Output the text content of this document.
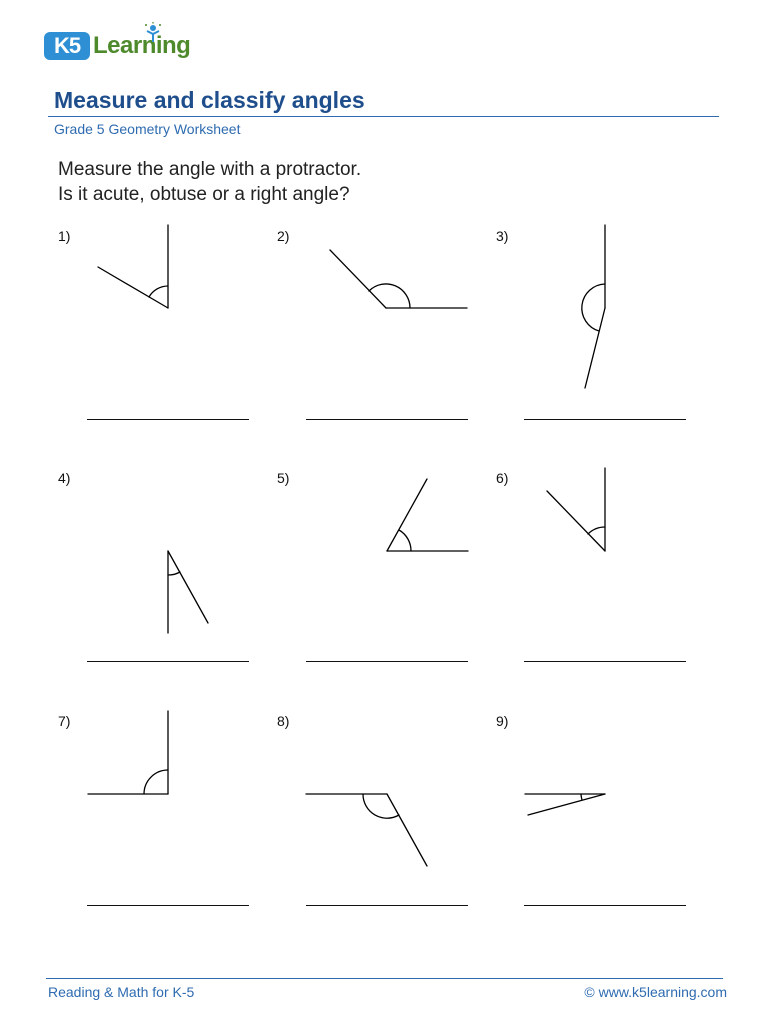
K5 Learning
Measure and classify angles
Grade 5 Geometry Worksheet
Measure the angle with a protractor.
Is it acute, obtuse or a right angle?
1)	2)	3)
4)	5)	6)
7)	8)	9)
Reading & Math for K-5	© www.k5learning.com
